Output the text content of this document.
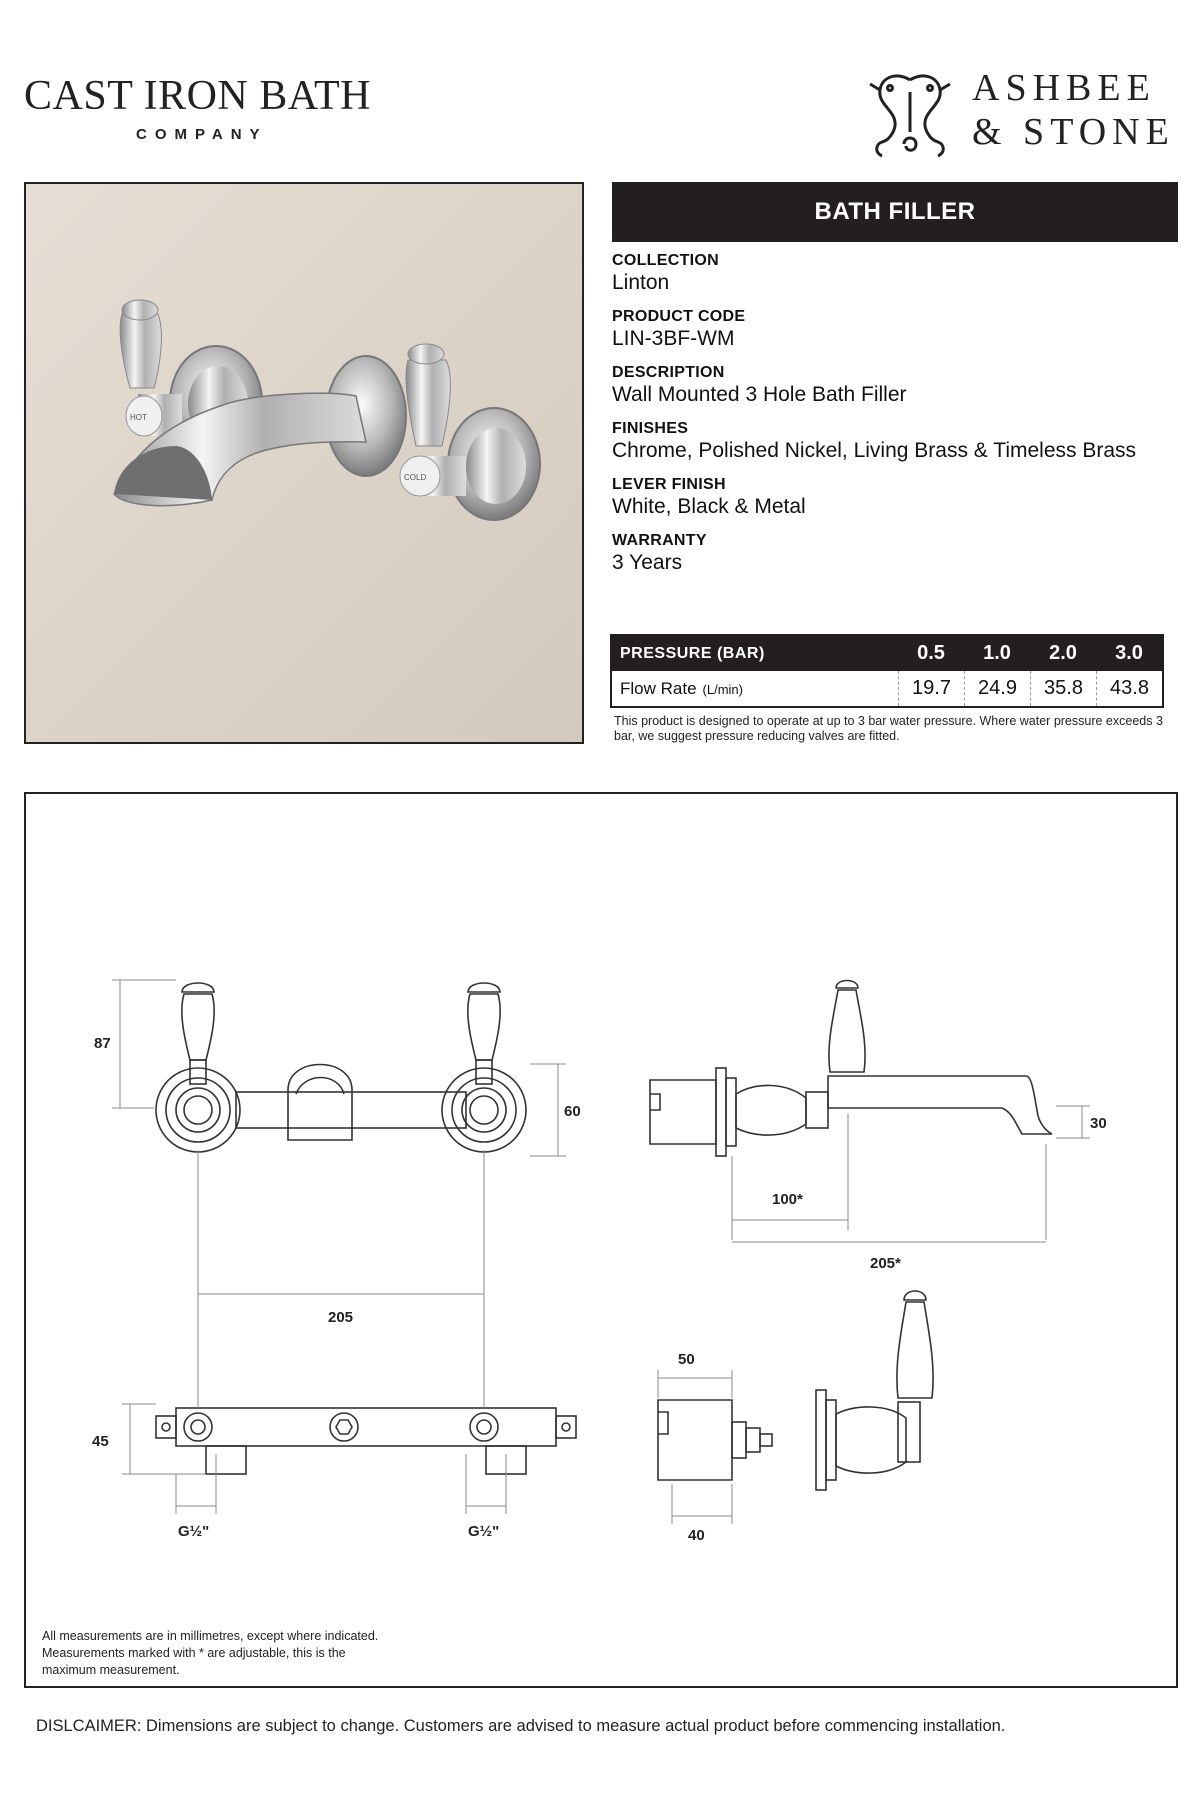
CAST IRON BATH
COMPANY
ASHBEE
& STONE
HOT
COLD
BATH FILLER
COLLECTION
Linton
PRODUCT CODE
LIN-3BF-WM
DESCRIPTION
Wall Mounted 3 Hole Bath Filler
FINISHES
Chrome, Polished Nickel, Living Brass & Timeless Brass
LEVER FINISH
White, Black & Metal
WARRANTY
3 Years
PRESSURE (BAR)	0.5	1.0	2.0	3.0
Flow Rate (L/min)	19.7	24.9	35.8	43.8
This product is designed to operate at up to 3 bar water pressure. Where water pressure exceeds 3 bar, we suggest pressure reducing valves are fitted.
87
60
30
100*
205*
205
45
G½"	G½"
50
40
All measurements are in millimetres, except where indicated.
Measurements marked with * are adjustable, this is the
maximum measurement.
DISLCAIMER: Dimensions are subject to change. Customers are advised to measure actual product before commencing installation.
